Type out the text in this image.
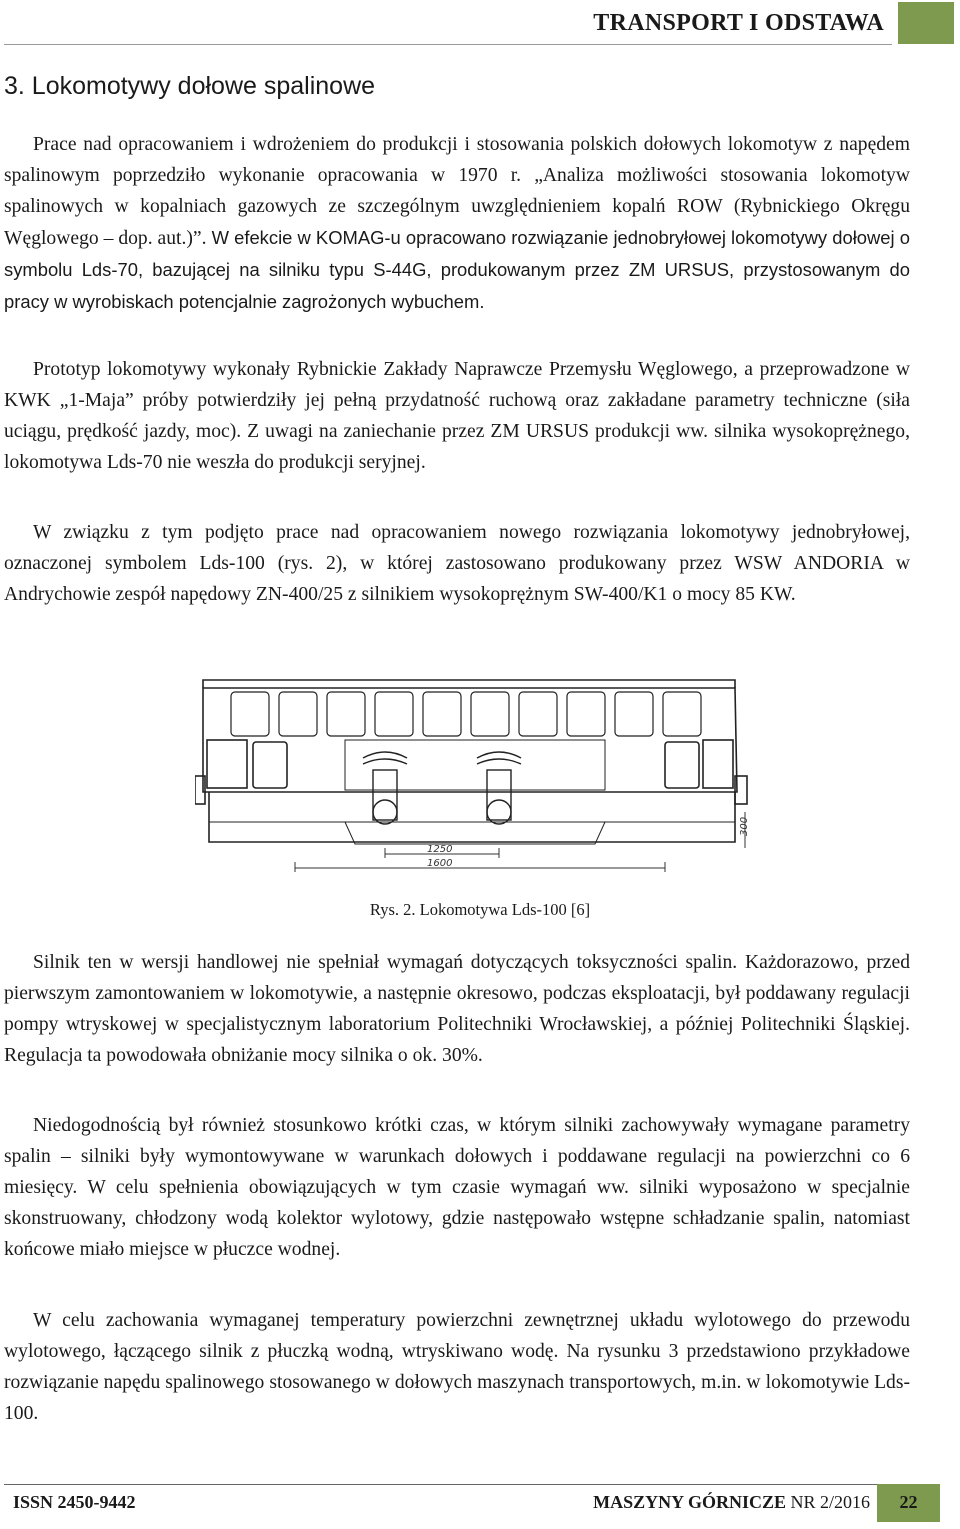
TRANSPORT I ODSTAWA
3. Lokomotywy dołowe spalinowe
Prace nad opracowaniem i wdrożeniem do produkcji i stosowania polskich dołowych lokomotyw z napędem spalinowym poprzedziło wykonanie opracowania w 1970 r. „Analiza możliwości stosowania lokomotyw spalinowych w kopalniach gazowych ze szczególnym uwzględnieniem kopalń ROW (Rybnickiego Okręgu Węglowego – dop. aut.)”. W efekcie w KOMAG-u opracowano rozwiązanie jednobryłowej lokomotywy dołowej o symbolu Lds-70, bazującej na silniku typu S-44G, produkowanym przez ZM URSUS, przystosowanym do pracy w wyrobiskach potencjalnie zagrożonych wybuchem.
Prototyp lokomotywy wykonały Rybnickie Zakłady Naprawcze Przemysłu Węglowego, a przeprowadzone w KWK „1-Maja” próby potwierdziły jej pełną przydatność ruchową oraz zakładane parametry techniczne (siła uciągu, prędkość jazdy, moc). Z uwagi na zaniechanie przez ZM URSUS produkcji ww. silnika wysokoprężnego, lokomotywa Lds-70 nie weszła do produkcji seryjnej.
W związku z tym podjęto prace nad opracowaniem nowego rozwiązania lokomotywy jednobryłowej, oznaczonej symbolem Lds-100 (rys. 2), w której zastosowano produkowany przez WSW ANDORIA w Andrychowie zespół napędowy ZN-400/25 z silnikiem wysokoprężnym SW-400/K1 o mocy 85 KW.
1250
1600
300
Rys. 2. Lokomotywa Lds-100 [6]
Silnik ten w wersji handlowej nie spełniał wymagań dotyczących toksyczności spalin. Każdorazowo, przed pierwszym zamontowaniem w lokomotywie, a następnie okresowo, podczas eksploatacji, był poddawany regulacji pompy wtryskowej w specjalistycznym laboratorium Politechniki Wrocławskiej, a później Politechniki Śląskiej. Regulacja ta powodowała obniżanie mocy silnika o ok. 30%.
Niedogodnością był również stosunkowo krótki czas, w którym silniki zachowywały wymagane parametry spalin – silniki były wymontowywane w warunkach dołowych i poddawane regulacji na powierzchni co 6 miesięcy. W celu spełnienia obowiązujących w tym czasie wymagań ww. silniki wyposażono w specjalnie skonstruowany, chłodzony wodą kolektor wylotowy, gdzie następowało wstępne schładzanie spalin, natomiast końcowe miało miejsce w płuczce wodnej.
W celu zachowania wymaganej temperatury powierzchni zewnętrznej układu wylotowego do przewodu wylotowego, łączącego silnik z płuczką wodną, wtryskiwano wodę. Na rysunku 3 przedstawiono przykładowe rozwiązanie napędu spalinowego stosowanego w dołowych maszynach transportowych, m.in. w lokomotywie Lds-100.
ISSN 2450-9442	MASZYNY GÓRNICZE NR 2/2016	22
